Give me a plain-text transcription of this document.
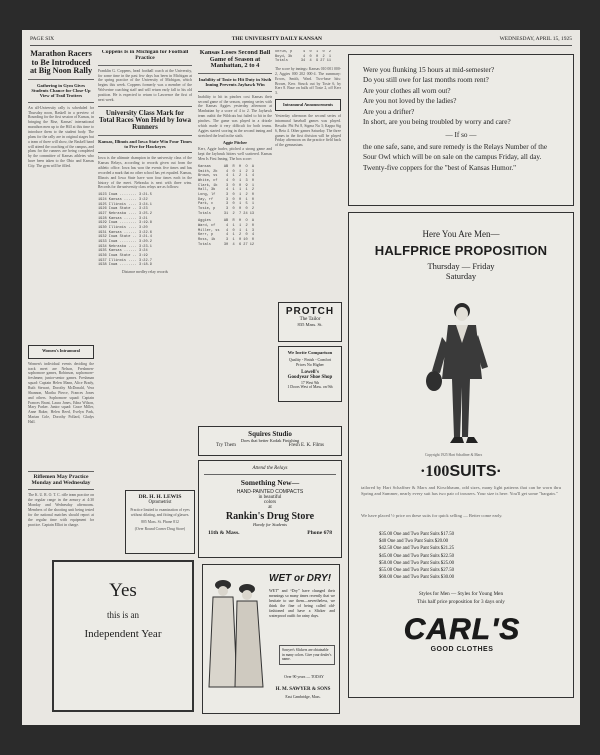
PAGE SIX	THE UNIVERSITY DAILY KANSAN	WEDNESDAY, APRIL 15, 1925
Marathon Racers to Be Introduced at Big Noon Rally
Gathering in Gym Gives Students Chance for Close-Up View of Trail Trotters
An all-University rally is scheduled for Thursday noon, Baskell in a preview of Rounding for the first session of Kansas, in bringing the Rise, Kansas' international marathon men up to the Hill at this time to introduce them to the student body. The plans for the rally are in original stages but a team of three will show, the Baskell band will attend the coaching of the campus, and plans for the runners are being completed by the committee of Kansas athletes who have been taken to the Ohio and Kansas City. The gym will be filled.
Women's Intramural
Women's individual events deciding the track meet are Nelson, Freshmen-sophomore games, Robinson, sophomore-freshmen; junior-senior games. Freshman squad: Captain Helen Mann, Alice Brady, Ruth Stewart, Dorothy McDonald, Vera Shannon, Martha Pierce, Frances Jones and others. Sophomore squad: Captain Frances Brant, Laura Jones, Edna Wilson, Mary Parker. Junior squad: Grace Miller, Anne Baker, Helen Reed, Evelyn Park, Marian Cole, Dorothy Pollard, Gladys Hall.
Riflemen May Practice Monday and Wednesday
The K. U. R. O. T. C. rifle team practice on the regular range in the armory at 4:30 Monday and Wednesday afternoons. Members of the shooting unit being tested for the national matches should report at the regular time with equipment for practice. Captain Elliot in charge.
Coppens Is in Michigan for Football Practice
Franklin G. Coppens, head football coach at the University, for some time in the past few days has been in Michigan at the spring practice of the University of Michigan, which begins this week. Coppens formerly was a member of the Wolverine coaching staff and will return early fall to his old position. He is expected to return to Lawrence the first of next week.
University Class Mark for Total Races Won Held by Iowa Runners
Kansas, Illinois and Iowa State Win Four Times to Five for Hawkeyes
Iowa is the ultimate champion in the university class of the Kansas Relays, according to records given out from the athletic office. Iowa has won the events five times and has recorded a mark that no other school has yet equaled. Kansas, Illinois and Iowa State have won four times each in the history of the meet. Nebraska is next with three wins. Records for the university class relays are as follows:
1923 Iowa ........ 3:21.5
1924 Kansas ...... 3:22
1925 Illinois .... 3:24.1
1926 Iowa State .. 3:23
1927 Nebraska .... 3:25.2
1928 Kansas ...... 3:21
1929 Iowa ........ 3:19.8
1930 Illinois .... 3:20
1931 Kansas ...... 3:22.6
1932 Iowa State .. 3:21.4
1933 Iowa ........ 3:20.2
1934 Nebraska .... 3:23.1
1935 Kansas ...... 3:24
1936 Iowa State .. 3:19
1937 Illinois .... 3:22.7
1938 Iowa ........ 3:18.9
Distance medley relay records
DR. H. H. LEWIS
Optometrist
Practice limited to examination of eyes without dilating, and fitting of glasses.
805 Mass. St. Phone 812
(Over Round Corner Drug Store)
Kansas Loses Second Ball Game of Season at Manhattan, 2 to 4
Inability of Tosie to Hit Duty in Sixth Inning Prevents Jayhawk Win
Inability to hit in pinches cost Kansas their second game of the season, opening series with the Kansas Aggies yesterday afternoon at Manhattan by a score of 4 to 2. The Jayhawk team outhit the Wildcats but failed to hit in the pinches. The game was played in a drizzle which made it very difficult for both teams. Aggies started scoring in the second inning and stretched the lead in the sixth.
Aggie Pitcher
Kerr, Aggie hurler, pitched a strong game and kept the Jayhawk hitters well scattered. Kansas Men Is First Inning. The box score:
Kansas      AB  R  H  O  A
Smith, 2b    4  0  1  2  3
Brown, ss    4  1  2  1  4
White, cf    4  0  1  3  0
Clark, 1b    3  0  0  9  1
Hall, 3b     4  1  1  1  2
Long, lf     3  0  1  2  0
Day, rf      3  0  0  1  0
Park, c      3  0  1  5  1
Tosie, p     3  0  0  0  2
Totals      31  2  7 24 13
Aggies      AB  R  H  O  A
Ward, cf     4  1  1  2  0
Miller, ss   4  0  1  1  3
Kerr, p      4  1  2  0  4
Ross, 1b     3  1  0 10  0
Totals      30  4  6 27 12
Unruh, p     4  0  1  0  2
Boyd, 3b     4  0  0  2  1
Totals      34  4  9 27 11
The score by innings: Kansas 010 001 000-2, Aggies 000 202 000-4. The summary: Errors, Smith, Ward. Two-base hits: Brown, Kerr. Struck out by Tosie 6, by Kerr 8. Base on balls off Tosie 2, off Kerr 3.
Intramural Announcements
Yesterday afternoon the second series of intramural baseball games was played. Results: Phi Psi 8, Sigma Nu 3; Kappa Sig 6, Beta 4. Other games Saturday. The three games in the first division will be played Friday afternoon on the practice field back of the gymnasium.
PROTCH
The Tailor
835 Mass. St.
We Invite Comparison
Quality - Finish - Comfort
Prices No Higher
Lowell's
Goodyear Shoe Shop
17 West 9th
1 Doors West of Mass. on 9th
Squires Studio
Does that better Kodak Finishing
Try Them	Fresh E. K. Films
Attend the Relays
Something New—
HAND-PAINTED COMPACTS
in beautiful
colors
at
Rankin's Drug Store
Handy for Students
11th & Mass.	Phone 678
Were you flunking 15 hours at mid-semester?
Do you still owe for last months room rent?
Are your clothes all worn out?
Are you not loved by the ladies?
Are you a drifter?
In short, are you being troubled by worry and care?
— If so —
the one safe, sane, and sure remedy is the Relays Number of the Sour Owl which will be on sale on the campus Friday, all day. Twenty-five coppers for the "best of Kansas Humor."
Here You Are Men—
HALFPRICE PROPOSITION
Thursday — Friday
Saturday
Copyright 1925 Hart Schaffner & Marx
·100SUITS·
tailored by Hart Schaffner & Marx and Kirschbaum, odd sizes, many light patterns that can be worn thru Spring and Summer, nearly every suit has two pair of trousers. Your size is here. You'll get some "bargain."
We have placed ½ price on these suits for quick selling — Better come early.
$35.00 One and Two Pant Suits $17.50
$40 One and Two Pant Suits $20.00
$42.50 One and Two Pant Suits $21.25
$45.00 One and Two Pant Suits $22.50
$50.00 One and Two Pant Suits $25.00
$55.00 One and Two Pant Suits $27.50
$60.00 One and Two Pant Suits $30.00
Styles for Men — Styles for Young Men
This half price proposition for 3 days only
CARL'S
GOOD CLOTHES
Yes
this is an
Independent Year
WET or DRY!
WET” and “Dry” have changed their meanings so many times recently that we hesitate to use them—nevertheless, we think the fine of being called old-fashioned and have a Slicker and waterproof outfit for rainy days.
Sawyer's Slickers are obtainable in many colors. Give your dealer's name.
Over 90 years — TODAY
H. M. SAWYER & SONS
East Cambridge, Mass.
